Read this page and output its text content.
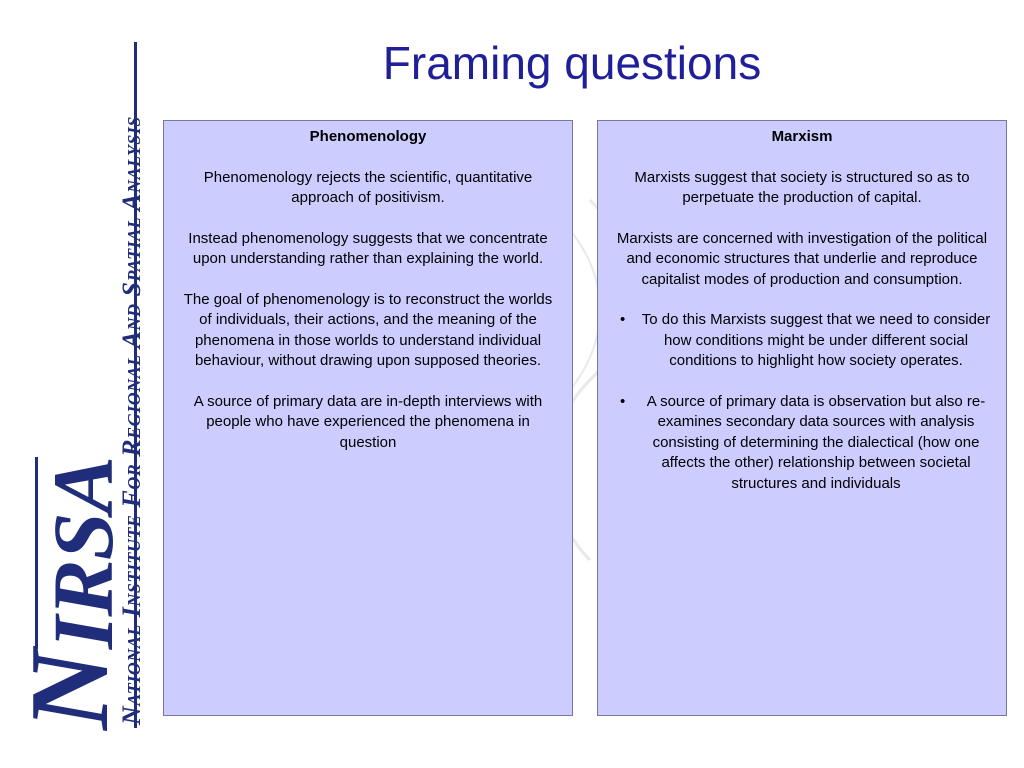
National Institute For Regional And Spatial Analysis
NIRSA
Framing questions
Phenomenology

Phenomenology rejects the scientific, quantitative approach of positivism.

Instead phenomenology suggests that we concentrate upon understanding rather than explaining the world.

The goal of phenomenology is to reconstruct the worlds of individuals, their actions, and the meaning of the phenomena in those worlds to understand individual behaviour, without drawing upon supposed theories.

A source of primary data are in-depth interviews with people who have experienced the phenomena in question

Marxism

Marxists suggest that society is structured so as to perpetuate the production of capital.

Marxists are concerned with investigation of the political and economic structures that underlie and reproduce capitalist modes of production and consumption.

• To do this Marxists suggest that we need to consider how conditions might be under different social conditions to highlight how society operates.
• A source of primary data is observation but also re-examines secondary data sources with analysis consisting of determining the dialectical (how one affects the other) relationship between societal structures and individuals
